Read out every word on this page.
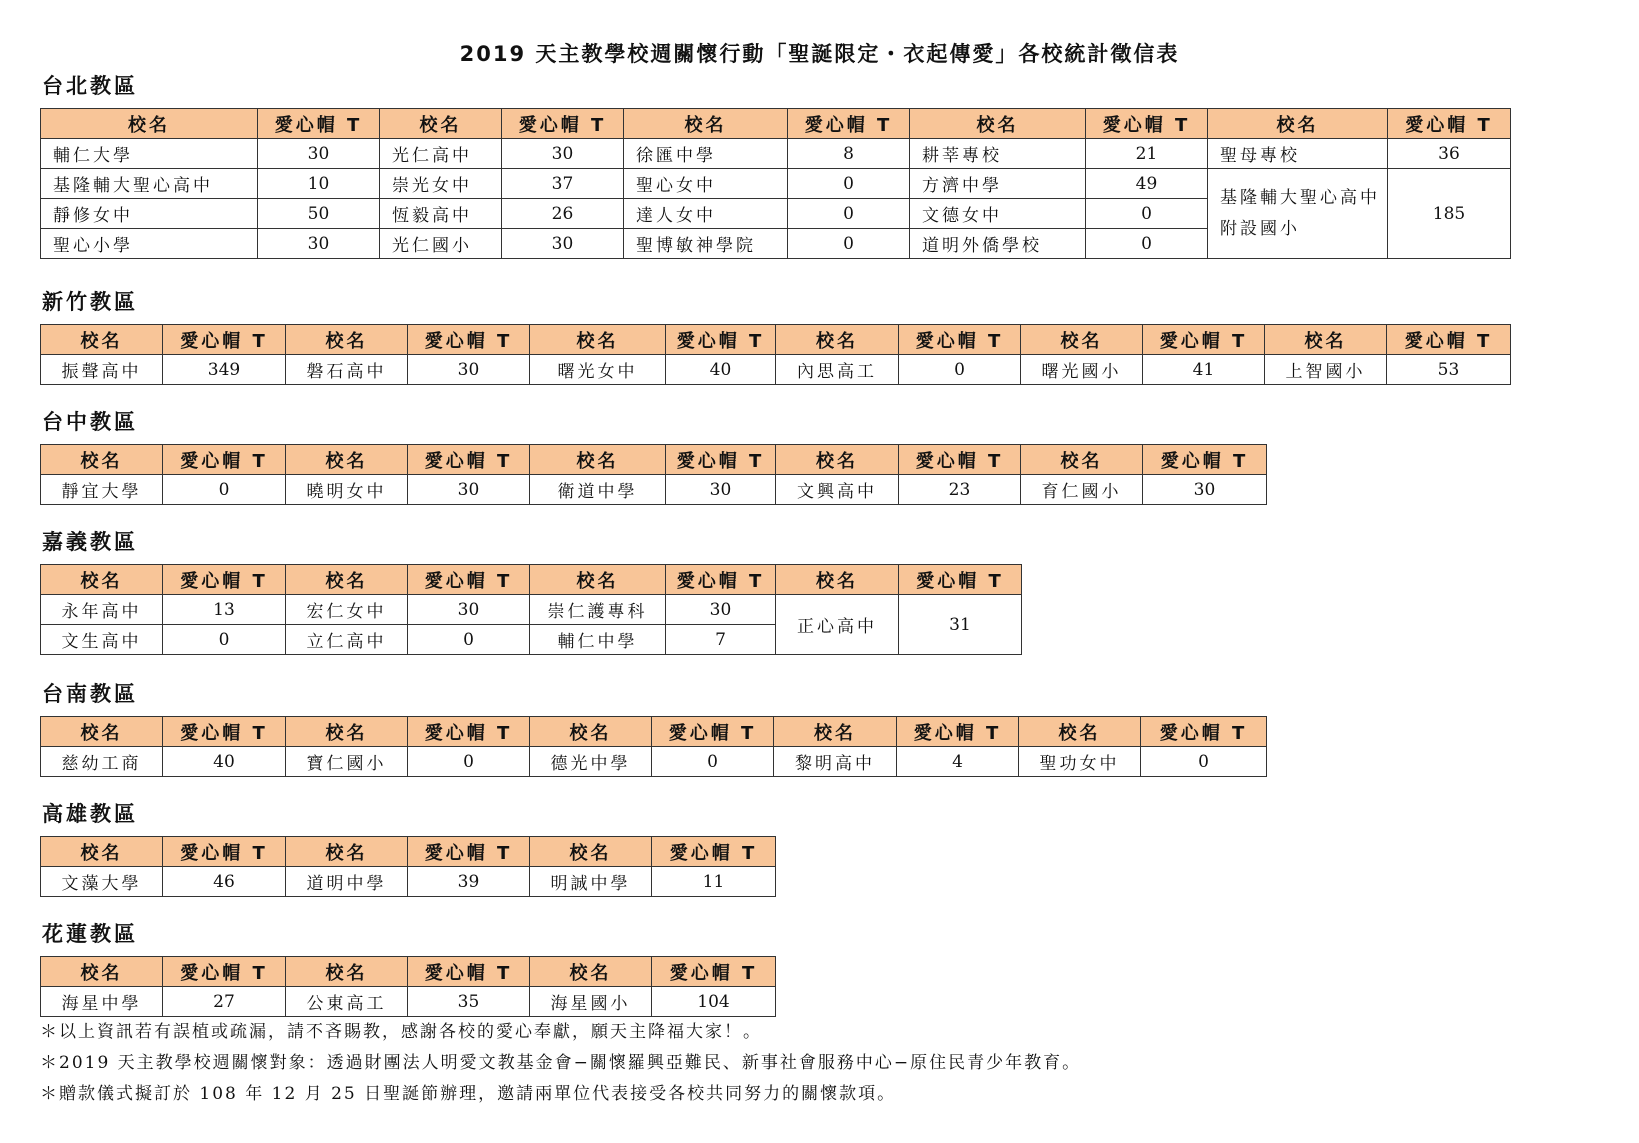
2019 天主教學校週關懷行動「聖誕限定・衣起傳愛」各校統計徵信表
台北教區
校名	愛心帽 T	校名	愛心帽 T	校名	愛心帽 T	校名	愛心帽 T	校名	愛心帽 T
輔仁大學	30	光仁高中	30	徐匯中學	8	耕莘專校	21	聖母專校	36
基隆輔大聖心高中	10	崇光女中	37	聖心女中	0	方濟中學	49	基隆輔大聖心高中附設國小	185
靜修女中	50	恆毅高中	26	達人女中	0	文德女中	0		
聖心小學	30	光仁國小	30	聖博敏神學院	0	道明外僑學校	0		
新竹教區
校名	愛心帽 T	校名	愛心帽 T	校名	愛心帽 T	校名	愛心帽 T	校名	愛心帽 T	校名	愛心帽 T
振聲高中	349	磐石高中	30	曙光女中	40	內思高工	0	曙光國小	41	上智國小	53
台中教區
校名	愛心帽 T	校名	愛心帽 T	校名	愛心帽 T	校名	愛心帽 T	校名	愛心帽 T
靜宜大學	0	曉明女中	30	衛道中學	30	文興高中	23	育仁國小	30
嘉義教區
校名	愛心帽 T	校名	愛心帽 T	校名	愛心帽 T	校名	愛心帽 T
永年高中	13	宏仁女中	30	崇仁護專科	30	正心高中	31
文生高中	0	立仁高中	0	輔仁中學	7		
台南教區
校名	愛心帽 T	校名	愛心帽 T	校名	愛心帽 T	校名	愛心帽 T	校名	愛心帽 T
慈幼工商	40	寶仁國小	0	德光中學	0	黎明高中	4	聖功女中	0
高雄教區
校名	愛心帽 T	校名	愛心帽 T	校名	愛心帽 T
文藻大學	46	道明中學	39	明誠中學	11
花蓮教區
校名	愛心帽 T	校名	愛心帽 T	校名	愛心帽 T
海星中學	27	公東高工	35	海星國小	104
＊以上資訊若有誤植或疏漏，請不吝賜教，感謝各校的愛心奉獻，願天主降福大家！。
＊2019 天主教學校週關懷對象：透過財團法人明愛文教基金會−關懷羅興亞難民、新事社會服務中心−原住民青少年教育。
＊贈款儀式擬訂於 108 年 12 月 25 日聖誕節辦理，邀請兩單位代表接受各校共同努力的關懷款項。
